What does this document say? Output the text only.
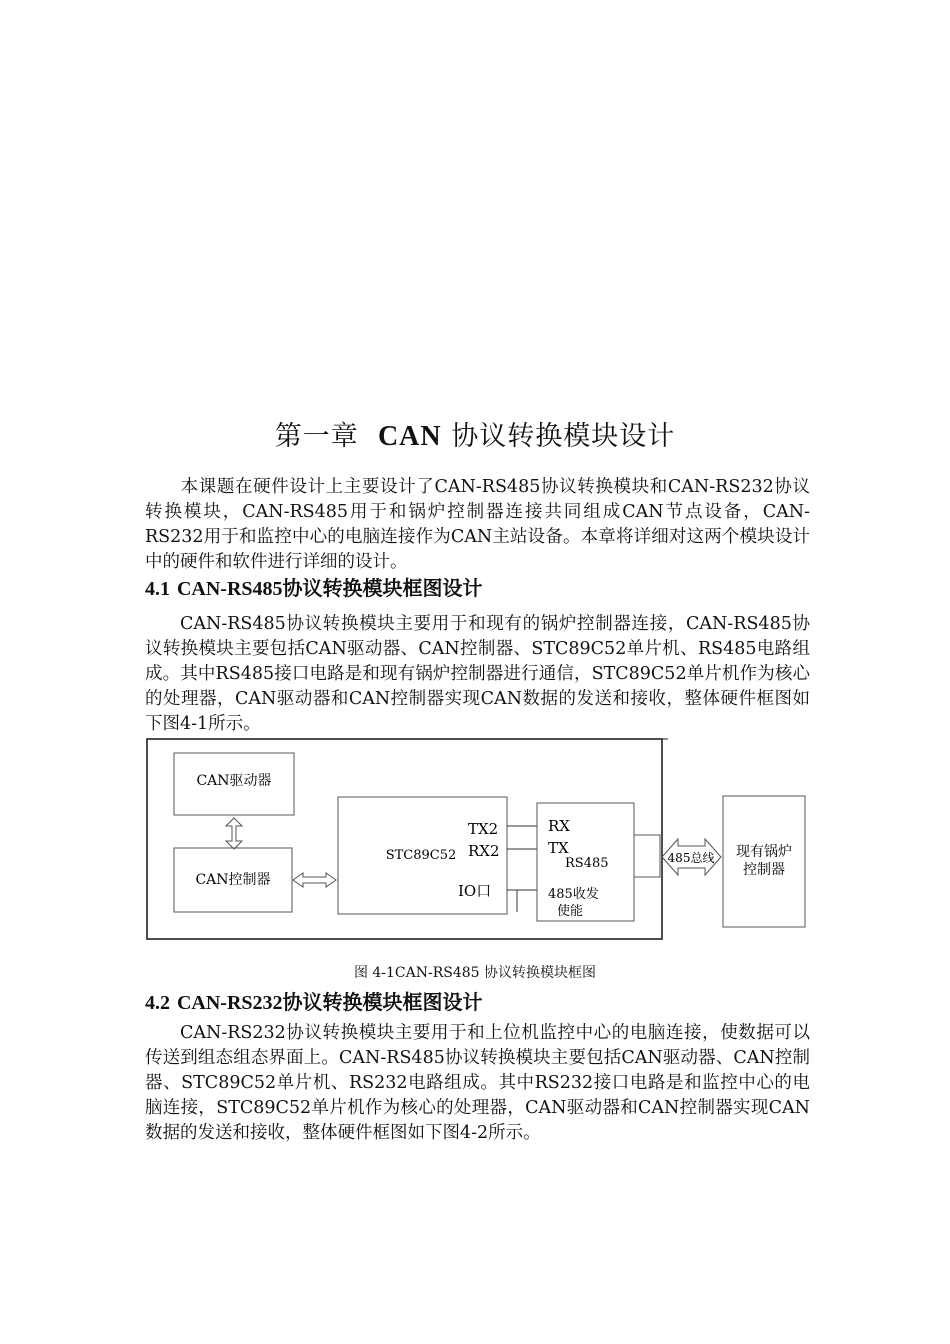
第一章 CAN 协议转换模块设计

本课题在硬件设计上主要设计了CAN-RS485协议转换模块和CAN-RS232协议转换模块，CAN-RS485用于和锅炉控制器连接共同组成CAN节点设备，CAN-RS232用于和监控中心的电脑连接作为CAN主站设备。本章将详细对这两个模块设计中的硬件和软件进行详细的设计。

4.1 CAN-RS485协议转换模块框图设计

CAN-RS485协议转换模块主要用于和现有的锅炉控制器连接，CAN-RS485协议转换模块主要包括CAN驱动器、CAN控制器、STC89C52单片机、RS485电路组成。其中RS485接口电路是和现有锅炉控制器进行通信，STC89C52单片机作为核心的处理器，CAN驱动器和CAN控制器实现CAN数据的发送和接收，整体硬件框图如下图4-1所示。

CAN驱动器
CAN控制器
STC89C52
TX2
RX2
IO口
RX
TX
RS485
485收发
使能
485总线 现有锅炉
控制器
图 4-1CAN-RS485 协议转换模块框图
4.2 CAN-RS232协议转换模块框图设计

CAN-RS232协议转换模块主要用于和上位机监控中心的电脑连接，使数据可以传送到组态组态界面上。CAN-RS485协议转换模块主要包括CAN驱动器、CAN控制器、STC89C52单片机、RS232电路组成。其中RS232接口电路是和监控中心的电脑连接，STC89C52单片机作为核心的处理器，CAN驱动器和CAN控制器实现CAN数据的发送和接收，整体硬件框图如下图4-2所示。
